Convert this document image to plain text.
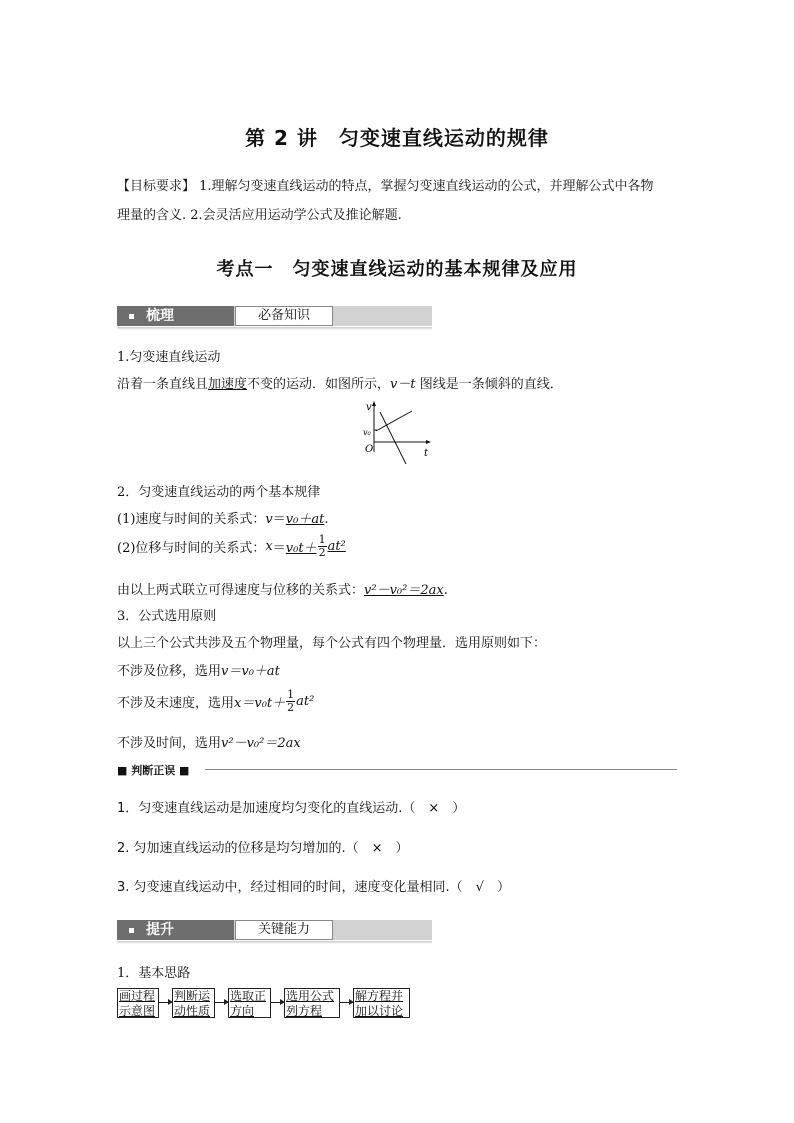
第 2 讲　匀变速直线运动的规律
【目标要求】 1.理解匀变速直线运动的特点，掌握匀变速直线运动的公式，并理解公式中各物
理量的含义. 2.会灵活应用运动学公式及推论解题.
考点一　匀变速直线运动的基本规律及应用
梳理	必备知识
1.匀变速直线运动
沿着一条直线且加速度不变的运动．如图所示，v－t 图线是一条倾斜的直线．
v
v₀
O	t
2．匀变速直线运动的两个基本规律
(1)速度与时间的关系式：v＝v₀＋at.
(2)位移与时间的关系式：$x=v_0t+ \frac{1}{2} at^2$
由以上两式联立可得速度与位移的关系式：v²－v₀²＝2ax.
3．公式选用原则
以上三个公式共涉及五个物理量，每个公式有四个物理量．选用原则如下：
不涉及位移，选用v＝v₀＋at
不涉及末速度，选用$x=v_0t+ \frac{1}{2} at^2$
不涉及时间，选用v²－v₀²＝2ax
■ 判断正误 ■
1．匀变速直线运动是加速度均匀变化的直线运动.（　×　）
2. 匀加速直线运动的位移是均匀增加的.（　×　）
3. 匀变速直线运动中，经过相同的时间，速度变化量相同.（　√　）
提升	关键能力
1．基本思路
画过程
示意图
判断运
动性质
选取正
方向
选用公式
列方程
解方程并
加以讨论
